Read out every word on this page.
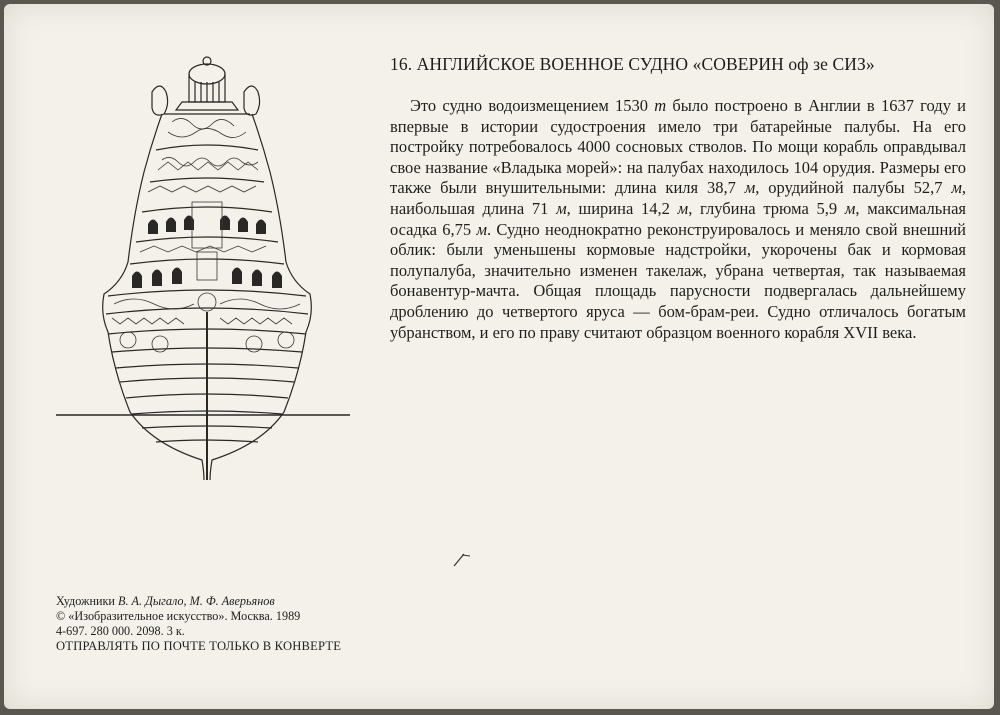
16. АНГЛИЙСКОЕ ВОЕННОЕ СУДНО «СОВЕРИН оф зе СИЗ»
Это судно водоизмещением 1530 т было построено в Англии в 1637 году и впервые в истории судостроения имело три батарейные палубы. На его постройку потребовалось 4000 сосновых стволов. По мощи корабль оправдывал свое название «Владыка морей»: на палубах находилось 104 орудия. Размеры его также были внушительными: длина киля 38,7 м, орудийной палубы 52,7 м, наибольшая длина 71 м, ширина 14,2 м, глубина трюма 5,9 м, максимальная осадка 6,75 м. Судно неоднократно реконструировалось и меняло свой внешний облик: были уменьшены кормовые надстройки, укорочены бак и кормовая полупалуба, значительно изменен такелаж, убрана четвертая, так называемая бонавентур-мачта. Общая площадь парусности подвергалась дальнейшему дроблению до четвертого яруса — бом-брам-реи. Судно отличалось богатым убранством, и его по праву считают образцом военного корабля XVII века.
Художники В. А. Дыгало, М. Ф. Аверьянов
© «Изобразительное искусство». Москва. 1989
4-697. 280 000. 2098. 3 к.
ОТПРАВЛЯТЬ ПО ПОЧТЕ ТОЛЬКО В КОНВЕРТЕ
